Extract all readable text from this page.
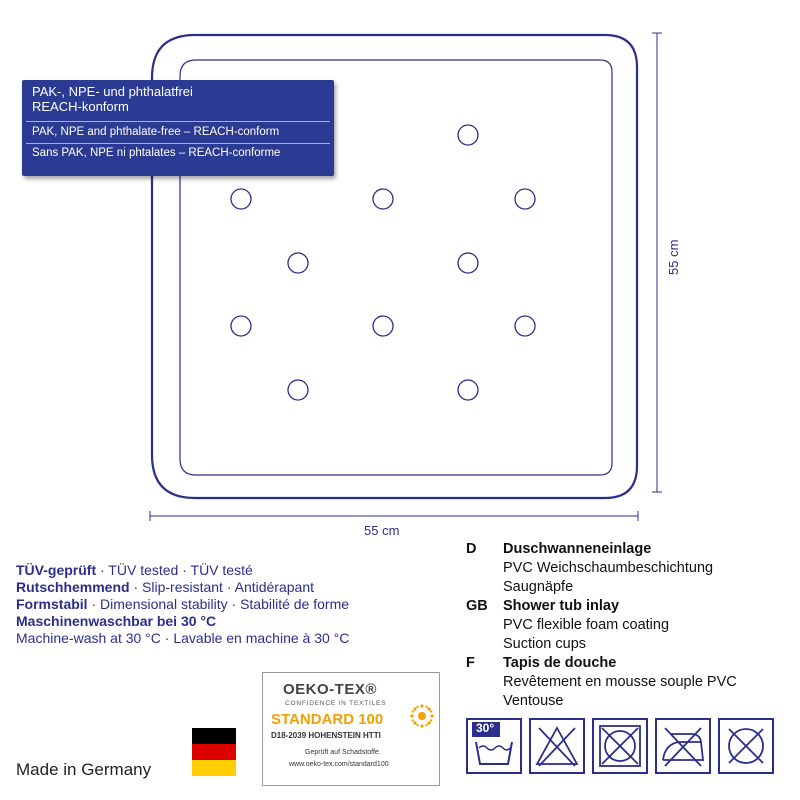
55 cm
55 cm
PAK-, NPE- und phthalatfrei
REACH-konform
PAK, NPE and phthalate-free – REACH-conform
Sans PAK, NPE ni phtalates – REACH-conforme
TÜV-geprüft · TÜV tested · TÜV testé
Rutschhemmend · Slip-resistant · Antidérapant
Formstabil · Dimensional stability · Stabilité de forme
Maschinenwaschbar bei 30 °C
Machine-wash at 30 °C · Lavable en machine à 30 °C
D Duschwanneneinlage
PVC Weichschaumbeschichtung
Saugnäpfe
GB Shower tub inlay
PVC flexible foam coating
Suction cups
F Tapis de douche
Revêtement en mousse souple PVC
Ventouse
Made in Germany
OEKO-TEX®
CONFIDENCE IN TEXTILES
STANDARD 100
D18-2039 HOHENSTEIN HTTI
Geprüft auf Schadstoffe.
www.oeko-tex.com/standard100
30°
